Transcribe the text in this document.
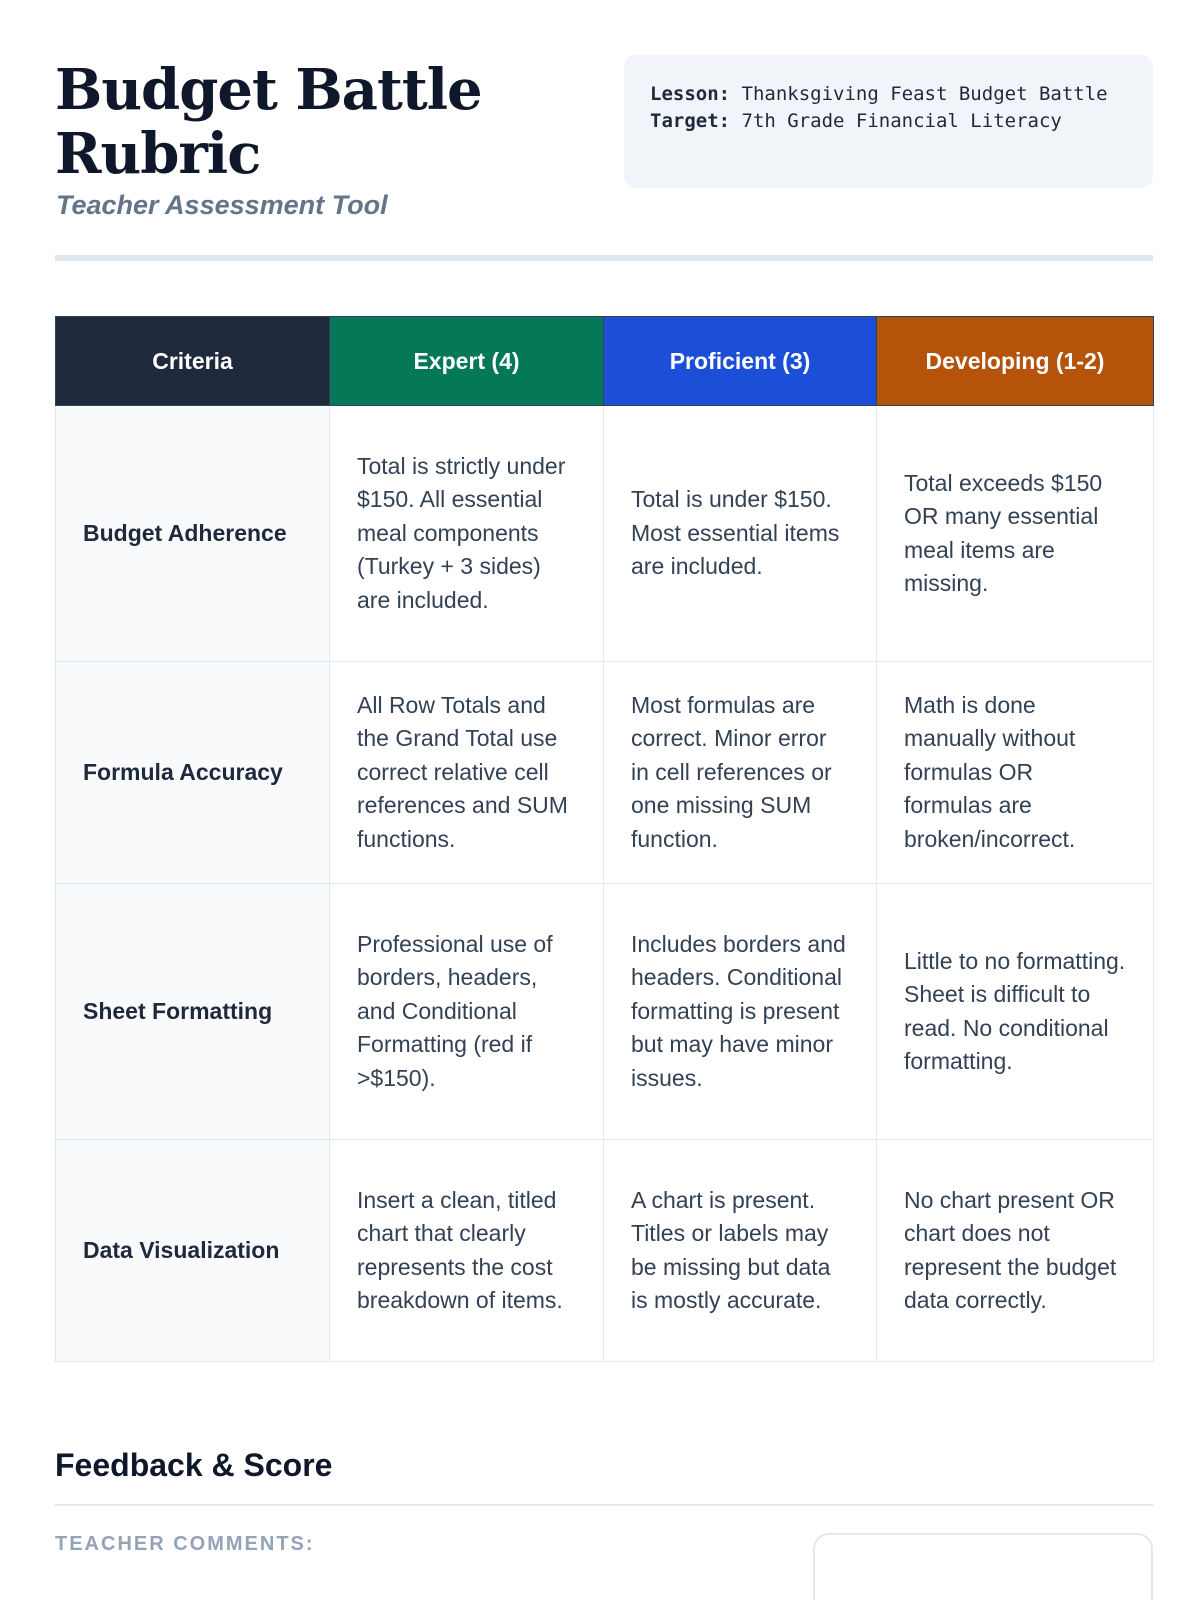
Budget Battle Rubric
Teacher Assessment Tool
Lesson: Thanksgiving Feast Budget Battle
Target: 7th Grade Financial Literacy
Criteria	Expert (4)	Proficient (3)	Developing (1-2)
Budget Adherence	Total is strictly under $150. All essential meal components (Turkey + 3 sides) are included.	Total is under $150. Most essential items are included.	Total exceeds $150 OR many essential meal items are missing.
Formula Accuracy	All Row Totals and the Grand Total use correct relative cell references and SUM functions.	Most formulas are correct. Minor error in cell references or one missing SUM function.	Math is done manually without formulas OR formulas are broken/incorrect.
Sheet Formatting	Professional use of borders, headers, and Conditional Formatting (red if >$150).	Includes borders and headers. Conditional formatting is present but may have minor issues.	Little to no formatting. Sheet is difficult to read. No conditional formatting.
Data Visualization	Insert a clean, titled chart that clearly represents the cost breakdown of items.	A chart is present. Titles or labels may be missing but data is mostly accurate.	No chart present OR chart does not represent the budget data correctly.
Feedback & Score
TEACHER COMMENTS:
